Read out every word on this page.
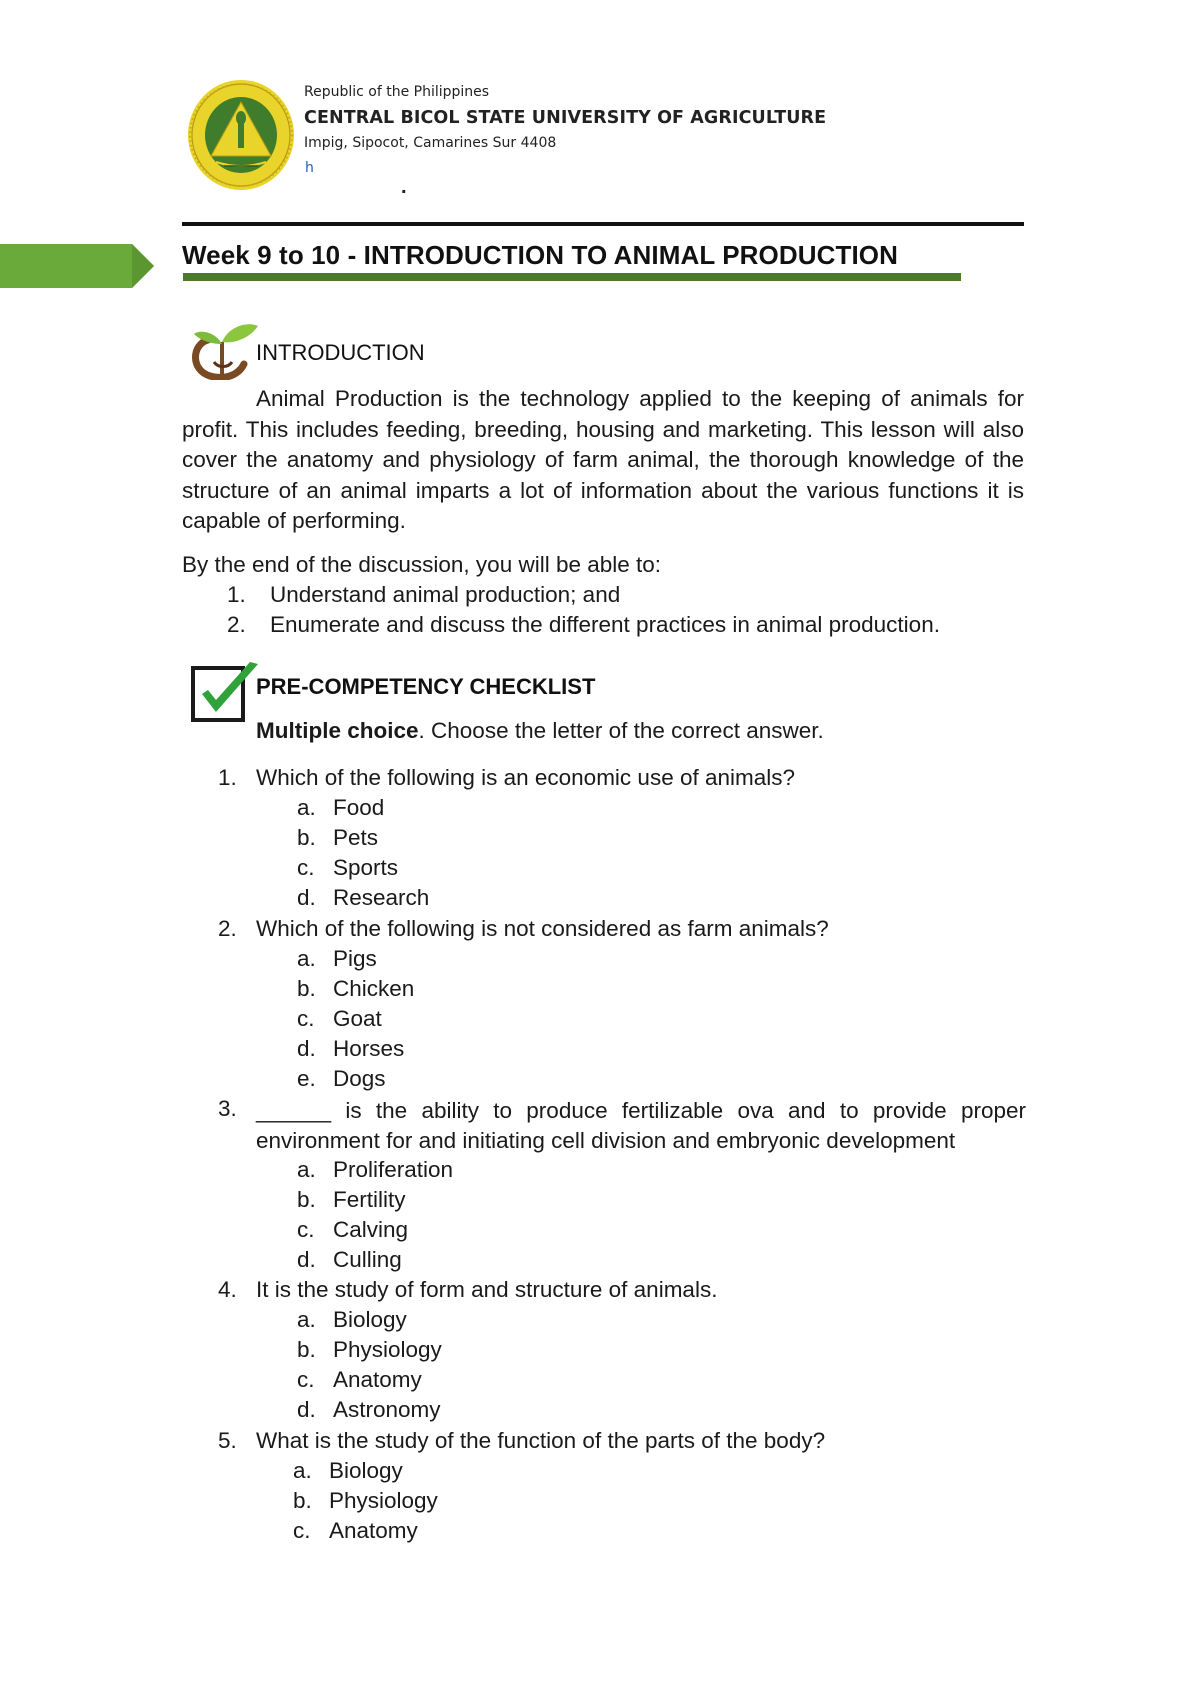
Republic of the Philippines
CENTRAL BICOL STATE UNIVERSITY OF AGRICULTURE
Impig, Sipocot, Camarines Sur 4408
h
.
Week 9 to 10 - INTRODUCTION TO ANIMAL PRODUCTION
INTRODUCTION
Animal Production is the technology applied to the keeping of animals for profit. This includes feeding, breeding, housing and marketing. This lesson will also cover the anatomy and physiology of farm animal, the thorough knowledge of the structure of an animal imparts a lot of information about the various functions it is capable of performing.
By the end of the discussion, you will be able to:
1. Understand animal production; and
2. Enumerate and discuss the different practices in animal production.
PRE-COMPETENCY CHECKLIST
Multiple choice. Choose the letter of the correct answer.
1. Which of the following is an economic use of animals?
a. Food
b. Pets
c. Sports
d. Research
2. Which of the following is not considered as farm animals?
a. Pigs
b. Chicken
c. Goat
d. Horses
e. Dogs
3. ______ is the ability to produce fertilizable ova and to provide proper environment for and initiating cell division and embryonic development
a. Proliferation
b. Fertility
c. Calving
d. Culling
4. It is the study of form and structure of animals.
a. Biology
b. Physiology
c. Anatomy
d. Astronomy
5. What is the study of the function of the parts of the body?
a. Biology
b. Physiology
c. Anatomy
